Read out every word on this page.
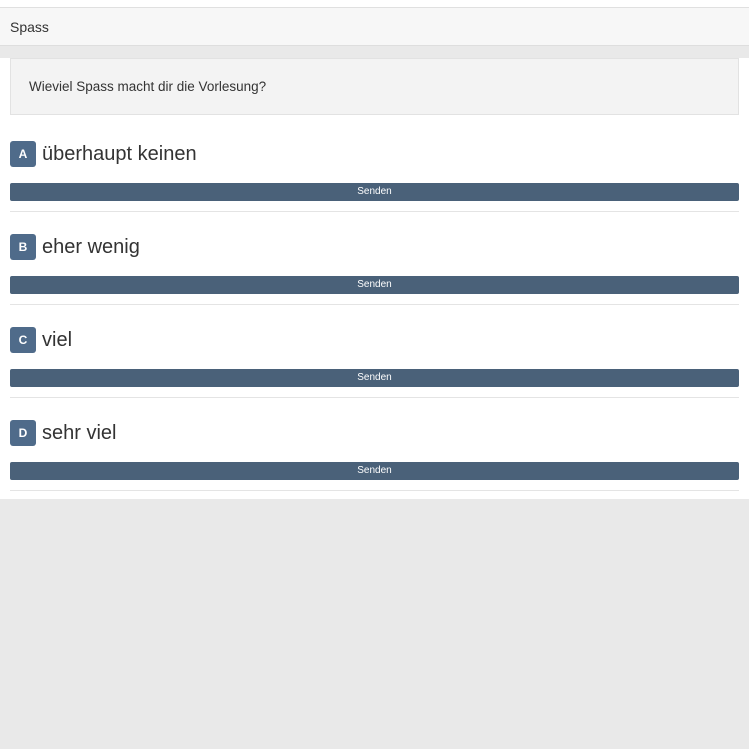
Spass
Wieviel Spass macht dir die Vorlesung?
A überhaupt keinen
Senden
B eher wenig
Senden
C viel
Senden
D sehr viel
Senden
